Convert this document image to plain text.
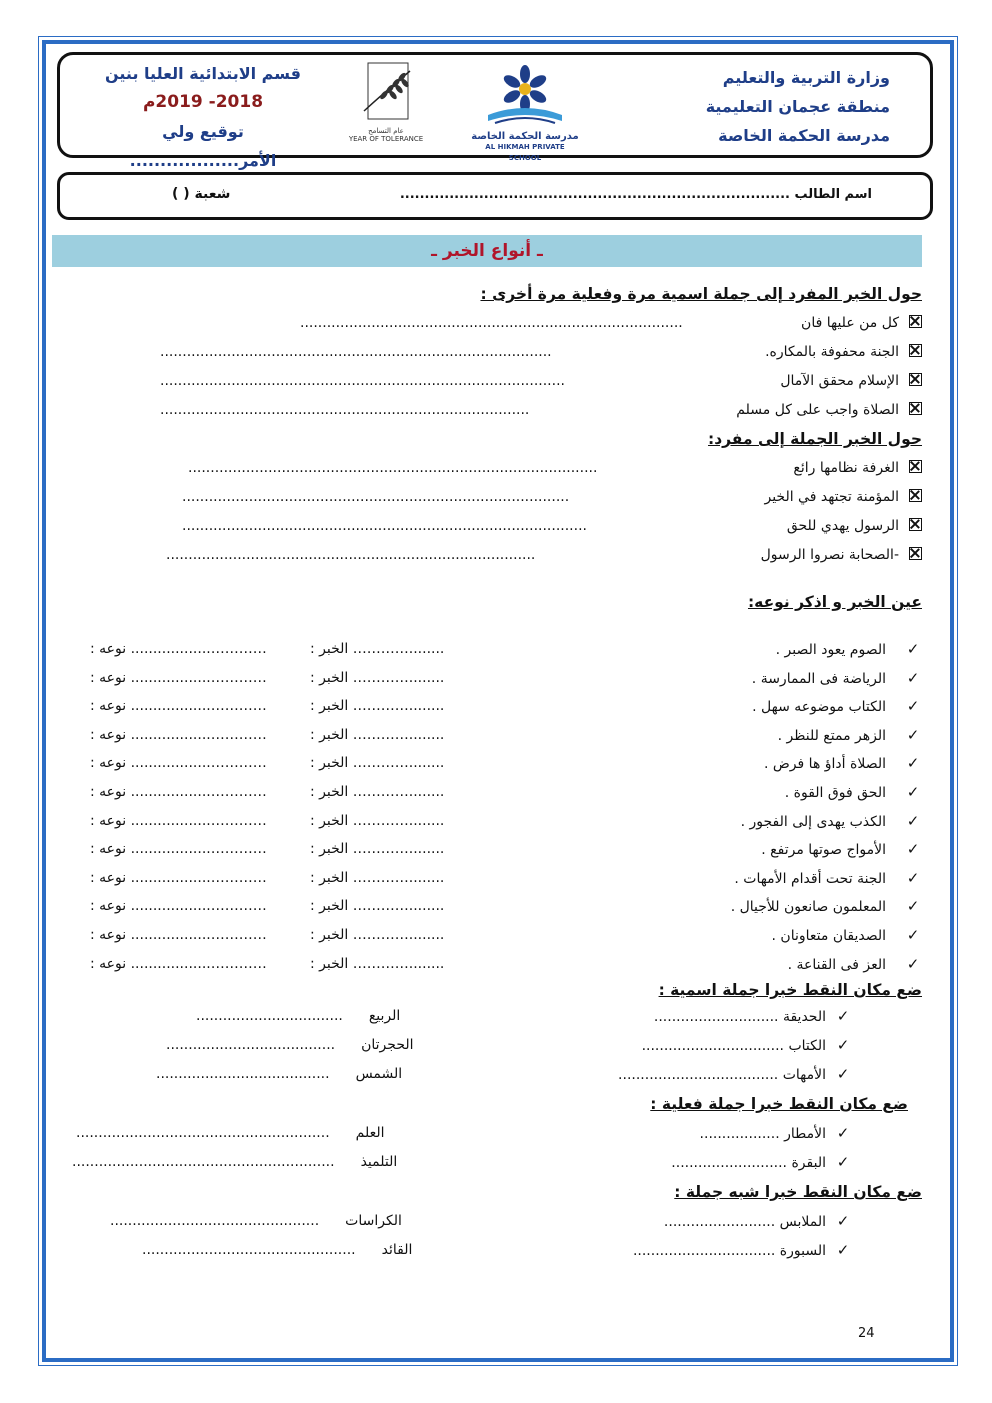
وزارة التربية والتعليم
منطقة عجمان التعليمية
مدرسة الحكمة الخاصة
مدرسة الحكمة الخاصة
AL HIKMAH PRIVATE SCHOOL
عام التسامح
YEAR OF TOLERANCE
قسم الابتدائية العليا بنين
2018- 2019م
توقيع ولي الأمر..................
اسم الطالب ...............................................................................
شعبة ( )
ـ أنواع الخبر ـ
حول الخبر المفرد إلى جملة اسمية مرة وفعلية مرة أخرى :
كل من عليها فان
......................................................................................
الجنة محفوفة بالمكاره.
........................................................................................
الإسلام محقق الآمال
...........................................................................................
الصلاة واجب على كل مسلم
...................................................................................
حول الخبر الجملة إلى مفرد:
الغرفة نظامها رائع
............................................................................................
المؤمنة تجتهد في الخير
.......................................................................................
الرسول يهدي للحق
...........................................................................................
-الصحابة نصروا الرسول
...................................................................................
عين الخبر و اذكر نوعه:
✓الصوم يعود الصبر .
........………… الخبر :
………….................. نوعه :
✓الرياضة فى الممارسة .
........………… الخبر :
………….................. نوعه :
✓الكتاب موضوعه سهل .
........………… الخبر :
………….................. نوعه :
✓الزهر ممتع للنظر .
........………… الخبر :
………….................. نوعه :
✓الصلاة أداؤ ها فرض .
........………… الخبر :
………….................. نوعه :
✓الحق فوق القوة .
........………… الخبر :
………….................. نوعه :
✓الكذب يهدى إلى الفجور .
........………… الخبر :
………….................. نوعه :
✓الأمواج صوتها مرتفع .
........………… الخبر :
………….................. نوعه :
✓الجنة تحت أقدام الأمهات .
........………… الخبر :
………….................. نوعه :
✓المعلمون صانعون للأجيال .
........………… الخبر :
………….................. نوعه :
✓الصديقان متعاونان .
........………… الخبر :
………….................. نوعه :
✓العز فى القناعة .
........………… الخبر :
………….................. نوعه :
ضع مكان النقط خبرا جملة اسمية :
✓الحديقة ............................
الربيع.................................
✓الكتاب ................................
الحجرتان......................................
✓الأمهات ....................................
الشمس.......................................
ضع مكان النقط خبرا جملة فعلية :
✓الأمطار ..................
العلم.........................................................
✓البقرة ..........................
التلميذ...........................................................
ضع مكان النقط خبرا شبه جملة :
✓الملابس .........................
الكراسات...............................................
✓السبورة ................................
القائد................................................
24
